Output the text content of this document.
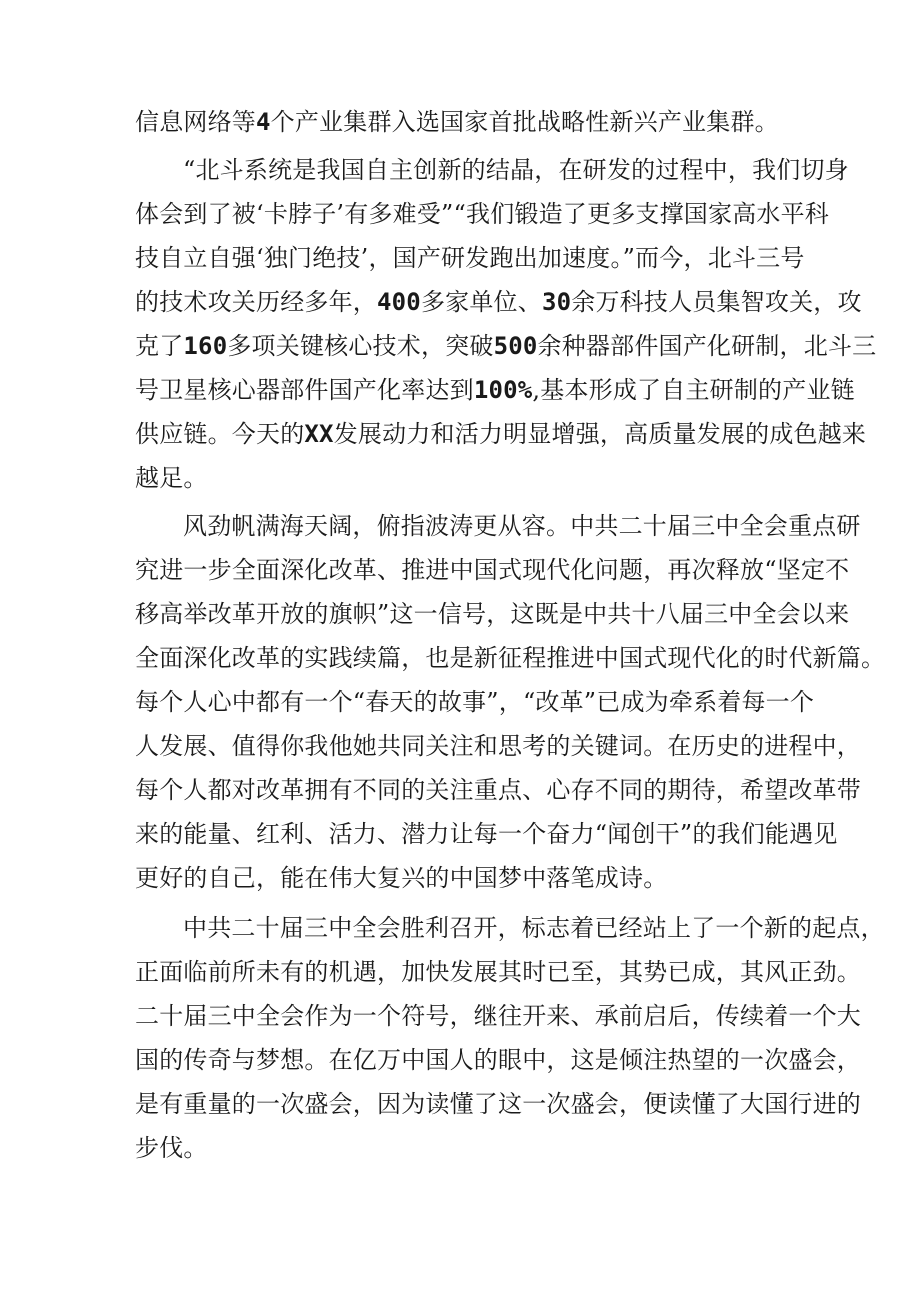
信息网络等4个产业集群入选国家首批战略性新兴产业集群。
“北斗系统是我国自主创新的结晶，在研发的过程中，我们切身
体会到了被‘卡脖子’有多难受”“我们锻造了更多支撑国家高水平科
技自立自强‘独门绝技’，国产研发跑出加速度。”而今，北斗三号
的技术攻关历经多年，400多家单位、30余万科技人员集智攻关，攻
克了160多项关键核心技术，突破500余种器部件国产化研制，北斗三
号卫星核心器部件国产化率达到100%,基本形成了自主研制的产业链
供应链。今天的XX发展动力和活力明显增强，高质量发展的成色越来
越足。
风劲帆满海天阔，俯指波涛更从容。中共二十届三中全会重点研
究进一步全面深化改革、推进中国式现代化问题，再次释放“坚定不
移高举改革开放的旗帜”这一信号，这既是中共十八届三中全会以来
全面深化改革的实践续篇，也是新征程推进中国式现代化的时代新篇。
每个人心中都有一个“春天的故事”，“改革”已成为牵系着每一个
人发展、值得你我他她共同关注和思考的关键词。在历史的进程中，
每个人都对改革拥有不同的关注重点、心存不同的期待，希望改革带
来的能量、红利、活力、潜力让每一个奋力“闻创干”的我们能遇见
更好的自己，能在伟大复兴的中国梦中落笔成诗。
中共二十届三中全会胜利召开，标志着已经站上了一个新的起点，
正面临前所未有的机遇，加快发展其时已至，其势已成，其风正劲。
二十届三中全会作为一个符号，继往开来、承前启后，传续着一个大
国的传奇与梦想。在亿万中国人的眼中，这是倾注热望的一次盛会，
是有重量的一次盛会，因为读懂了这一次盛会，便读懂了大国行进的
步伐。
